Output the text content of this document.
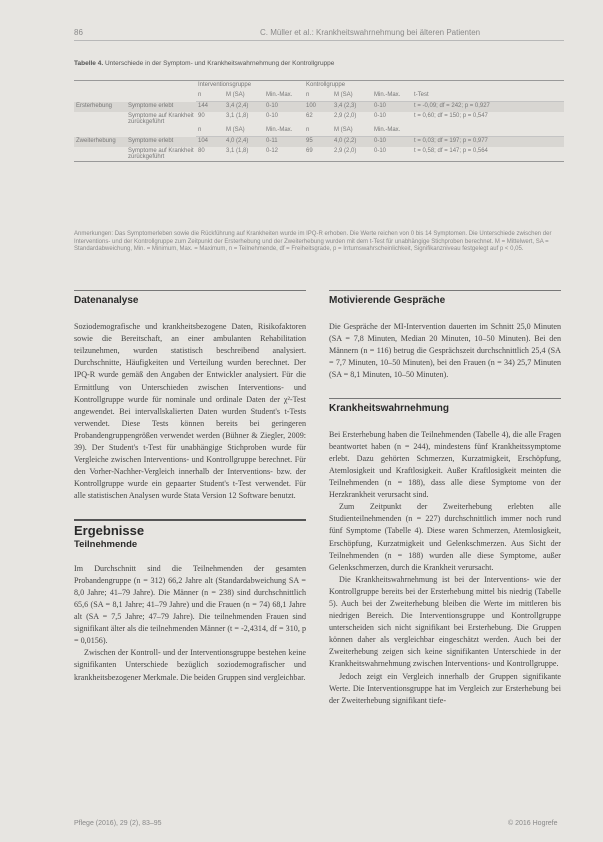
86	C. Müller et al.: Krankheitswahrnehmung bei älteren Patienten
Tabelle 4. Unterschiede in der Symptom- und Krankheitswahrnehmung der Kontrollgruppe
		Interventionsgruppe			Kontrollgruppe			
		n	M (SA)	Min.-Max.	n	M (SA)	Min.-Max.	t-Test
Ersterhebung	Symptome erlebt	144	3,4 (2,4)	0-10	100	3,4 (2,3)	0-10	t = -0,09; df = 242; p = 0,927
	Symptome auf Krankheit zurückgeführt	90	3,1 (1,8)	0-10	62	2,9 (2,0)	0-10	t = 0,60; df = 150; p = 0,547
		n	M (SA)	Min.-Max.	n	M (SA)	Min.-Max.	
Zweiterhebung	Symptome erlebt	104	4,0 (2,4)	0-11	95	4,0 (2,2)	0-10	t = 0,03; df = 197; p = 0,977
	Symptome auf Krankheit zurückgeführt	80	3,1 (1,8)	0-12	69	2,9 (2,0)	0-10	t = 0,58; df = 147; p = 0,564
Anmerkungen: Das Symptomerleben sowie die Rückführung auf Krankheiten wurde im IPQ-R erhoben. Die Werte reichen von 0 bis 14 Symptomen. Die Unterschiede zwischen der Interventions- und der Kontrollgruppe zum Zeitpunkt der Ersterhebung und der Zweiterhebung wurden mit dem t-Test für unabhängige Stichproben berechnet. M = Mittelwert, SA = Standardabweichung, Min. = Minimum, Max. = Maximum, n = Teilnehmende, df = Freiheitsgrade, p = Irrtumswahrscheinlichkeit, Signifikanzniveau festgelegt auf p < 0,05.
Datenanalyse

Soziodemografische und krankheitsbezogene Daten, Risikofaktoren sowie die Bereitschaft, an einer ambulanten Rehabilitation teilzunehmen, wurden statistisch beschreibend analysiert. Durchschnitte, Häufigkeiten und Verteilung wurden berechnet. Der IPQ-R wurde gemäß den Angaben der Entwickler analysiert. Für die Ermittlung von Unterschieden zwischen Interventions- und Kontrollgruppe wurde für nominale und ordinale Daten der χ²-Test angewendet. Bei intervallskalierten Daten wurden Student's t-Tests verwendet. Diese Tests können bereits bei geringeren Probandengruppengrößen verwendet werden (Bühner & Ziegler, 2009: 39). Der Student's t-Test für unabhängige Stichproben wurde für Vergleiche zwischen Interventions- und Kontrollgruppe berechnet. Für den Vorher-Nachher-Vergleich innerhalb der Interventions- bzw. der Kontrollgruppe wurde ein gepaarter Student's t-Test verwendet. Für alle statistischen Analysen wurde Stata Version 12 Software benutzt.

Ergebnisse
Teilnehmende

Im Durchschnitt sind die Teilnehmenden der gesamten Probandengruppe (n = 312) 66,2 Jahre alt (Standardabweichung SA = 8,0 Jahre; 41–79 Jahre). Die Männer (n = 238) sind durchschnittlich 65,6 (SA = 8,1 Jahre; 41–79 Jahre) und die Frauen (n = 74) 68,1 Jahre alt (SA = 7,5 Jahre; 47–79 Jahre). Die teilnehmenden Frauen sind signifikant älter als die teilnehmenden Männer (t = -2,4314, df = 310, p = 0,0156).

Zwischen der Kontroll- und der Interventionsgruppe bestehen keine signifikanten Unterschiede bezüglich soziodemografischer und krankheitsbezogener Merkmale. Die beiden Gruppen sind vergleichbar.

Motivierende Gespräche

Die Gespräche der MI-Intervention dauerten im Schnitt 25,0 Minuten (SA = 7,8 Minuten, Median 20 Minuten, 10–50 Minuten). Bei den Männern (n = 116) betrug die Gesprächszeit durchschnittlich 25,4 (SA = 7,7 Minuten, 10–50 Minuten), bei den Frauen (n = 34) 25,7 Minuten (SA = 8,1 Minuten, 10–50 Minuten).

Krankheitswahrnehmung

Bei Ersterhebung haben die Teilnehmenden (Tabelle 4), die alle Fragen beantwortet haben (n = 244), mindestens fünf Krankheitssymptome erlebt. Dazu gehörten Schmerzen, Kurzatmigkeit, Erschöpfung, Atemlosigkeit und Kraftlosigkeit. Außer Kraftlosigkeit meinten die Teilnehmenden (n = 188), dass alle diese Symptome von der Herzkrankheit verursacht sind.

Zum Zeitpunkt der Zweiterhebung erlebten alle Studienteilnehmenden (n = 227) durchschnittlich immer noch rund fünf Symptome (Tabelle 4). Diese waren Schmerzen, Atemlosigkeit, Erschöpfung, Kurzatmigkeit und Gelenkschmerzen. Aus Sicht der Teilnehmenden (n = 188) wurden alle diese Symptome, außer Gelenkschmerzen, durch die Krankheit verursacht.

Die Krankheitswahrnehmung ist bei der Interventions- wie der Kontrollgruppe bereits bei der Ersterhebung mittel bis niedrig (Tabelle 5). Auch bei der Zweiterhebung bleiben die Werte im mittleren bis niedrigen Bereich. Die Interventionsgruppe und Kontrollgruppe unterscheiden sich nicht signifikant bei Ersterhebung. Die Gruppen können daher als vergleichbar eingeschätzt werden. Auch bei der Zweiterhebung zeigen sich keine signifikanten Unterschiede in der Krankheitswahrnehmung zwischen Interventions- und Kontrollgruppe.

Jedoch zeigt ein Vergleich innerhalb der Gruppen signifikante Werte. Die Interventionsgruppe hat im Vergleich zur Ersterhebung bei der Zweiterhebung signifikant tiefe-

Pflege (2016), 29 (2), 83–95	© 2016 Hogrefe
